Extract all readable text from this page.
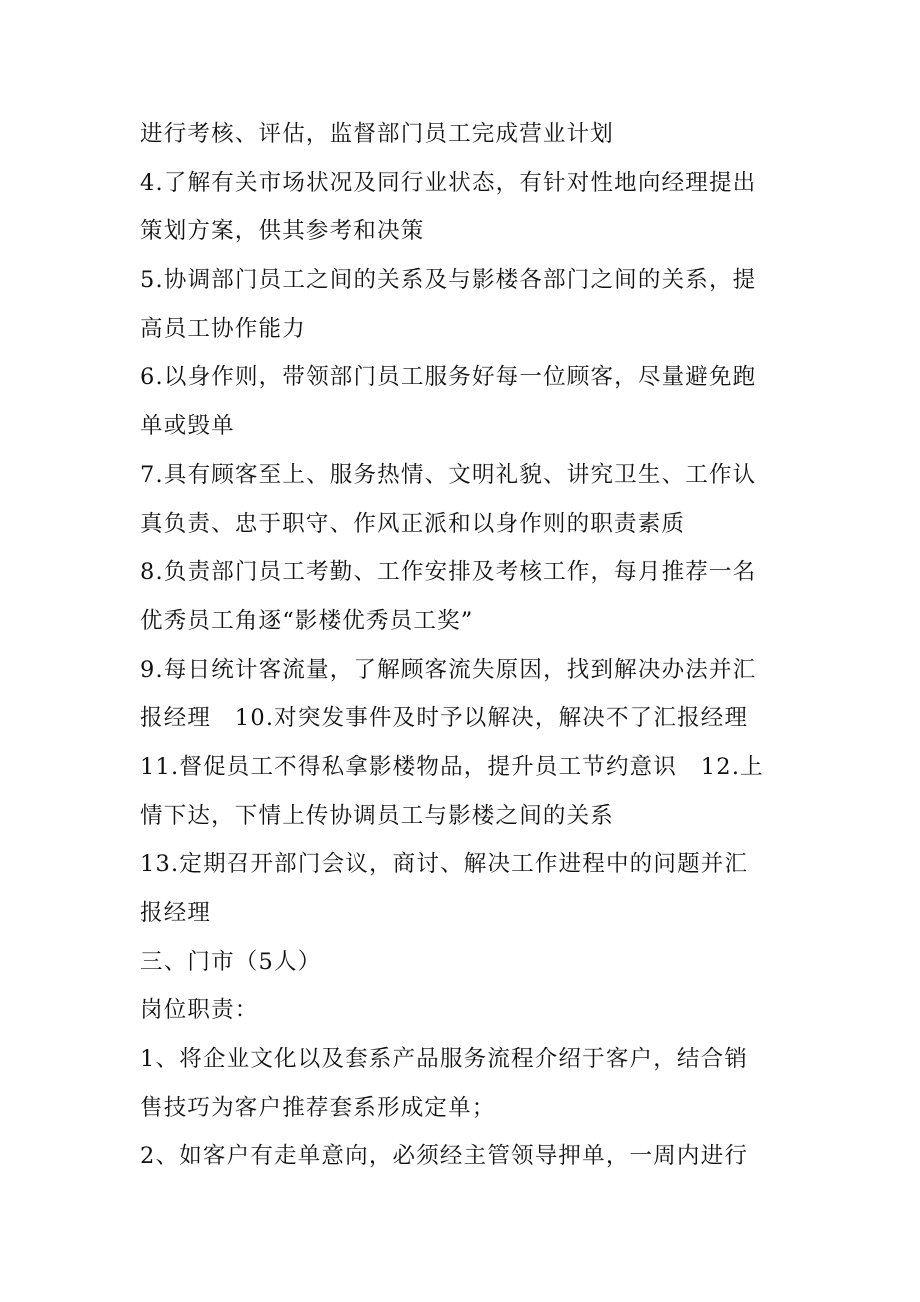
进行考核、评估，监督部门员工完成营业计划
4.了解有关市场状况及同行业状态，有针对性地向经理提出
策划方案，供其参考和决策
5.协调部门员工之间的关系及与影楼各部门之间的关系，提
高员工协作能力
6.以身作则，带领部门员工服务好每一位顾客，尽量避免跑
单或毁单
7.具有顾客至上、服务热情、文明礼貌、讲究卫生、工作认
真负责、忠于职守、作风正派和以身作则的职责素质
8.负责部门员工考勤、工作安排及考核工作，每月推荐一名
优秀员工角逐“影楼优秀员工奖”
9.每日统计客流量，了解顾客流失原因，找到解决办法并汇
报经理　10.对突发事件及时予以解决，解决不了汇报经理
11.督促员工不得私拿影楼物品，提升员工节约意识　12.上
情下达，下情上传协调员工与影楼之间的关系
13.定期召开部门会议，商讨、解决工作进程中的问题并汇
报经理
三、门市（5人）
岗位职责：
1、将企业文化以及套系产品服务流程介绍于客户，结合销
售技巧为客户推荐套系形成定单；
2、如客户有走单意向，必须经主管领导押单，一周内进行
